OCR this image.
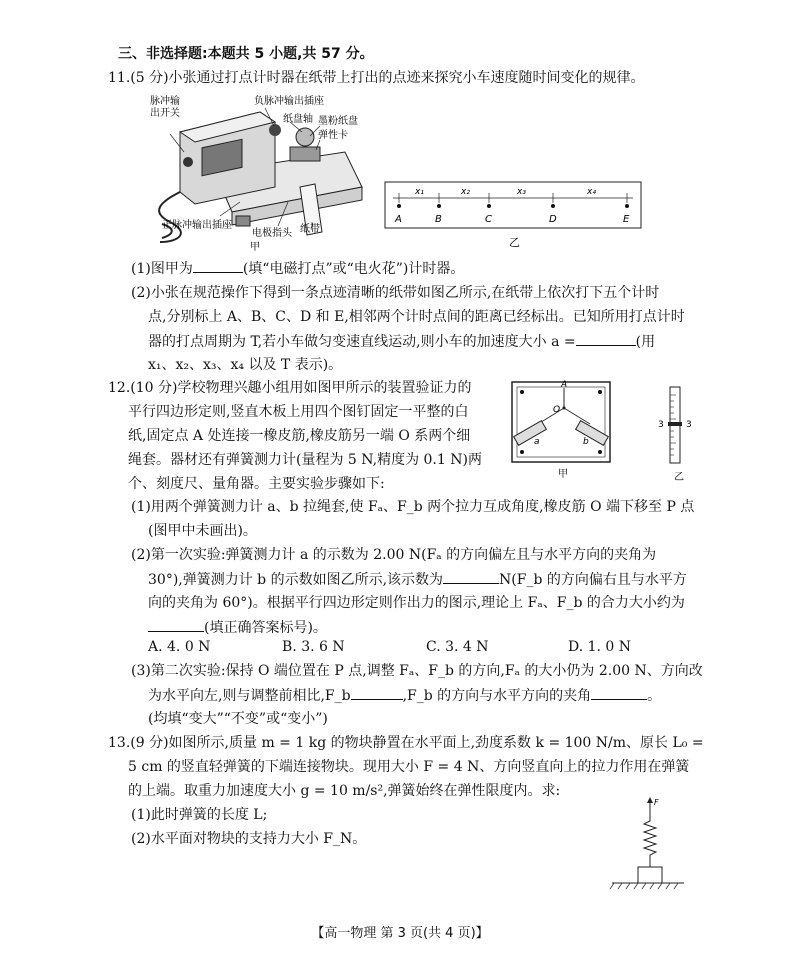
三、非选择题:本题共 5 小题,共 57 分。
11.(5 分)小张通过打点计时器在纸带上打出的点迹来探究小车速度随时间变化的规律。
脉冲输
出开关
负脉冲输出插座
纸盘轴 墨粉纸盘
弹性卡
正脉冲输出插座
电极指头 纸带
甲
x₁	x₂	x₃	x₄
A	B	C	D	E
乙
(1)图甲为	(填“电磁打点”或“电火花”)计时器。
(2)小张在规范操作下得到一条点迹清晰的纸带如图乙所示,在纸带上依次打下五个计时
点,分别标上 A、B、C、D 和 E,相邻两个计时点间的距离已经标出。已知所用打点计时
器的打点周期为 T,若小车做匀变速直线运动,则小车的加速度大小 a =	(用
x₁、x₂、x₃、x₄ 以及 T 表示)。
12.(10 分)学校物理兴趣小组用如图甲所示的装置验证力的
平行四边形定则,竖直木板上用四个图钉固定一平整的白
纸,固定点 A 处连接一橡皮筋,橡皮筋另一端 O 系两个细
绳套。器材还有弹簧测力计(量程为 5 N,精度为 0.1 N)两
个、刻度尺、量角器。主要实验步骤如下:
A
O
a	b
甲
3 3
乙
(1)用两个弹簧测力计 a、b 拉绳套,使 Fₐ、F_b 两个拉力互成角度,橡皮筋 O 端下移至 P 点
(图甲中未画出)。
(2)第一次实验:弹簧测力计 a 的示数为 2.00 N(Fₐ 的方向偏左且与水平方向的夹角为
30°),弹簧测力计 b 的示数如图乙所示,该示数为	N(F_b 的方向偏右且与水平方
向的夹角为 60°)。根据平行四边形定则作出力的图示,理论上 Fₐ、F_b 的合力大小约为
(填正确答案标号)。
A. 4. 0 N	B. 3. 6 N	C. 3. 4 N	D. 1. 0 N
(3)第二次实验:保持 O 端位置在 P 点,调整 Fₐ、F_b 的方向,Fₐ 的大小仍为 2.00 N、方向改
为水平向左,则与调整前相比,F_b	,F_b 的方向与水平方向的夹角	。
(均填“变大”“不变”或“变小”)
13.(9 分)如图所示,质量 m = 1 kg 的物块静置在水平面上,劲度系数 k = 100 N/m、原长 L₀ =
5 cm 的竖直轻弹簧的下端连接物块。现用大小 F = 4 N、方向竖直向上的拉力作用在弹簧
的上端。取重力加速度大小 g = 10 m/s²,弹簧始终在弹性限度内。求:
(1)此时弹簧的长度 L;
(2)水平面对物块的支持力大小 F_N。
F
【高一物理 第 3 页(共 4 页)】
